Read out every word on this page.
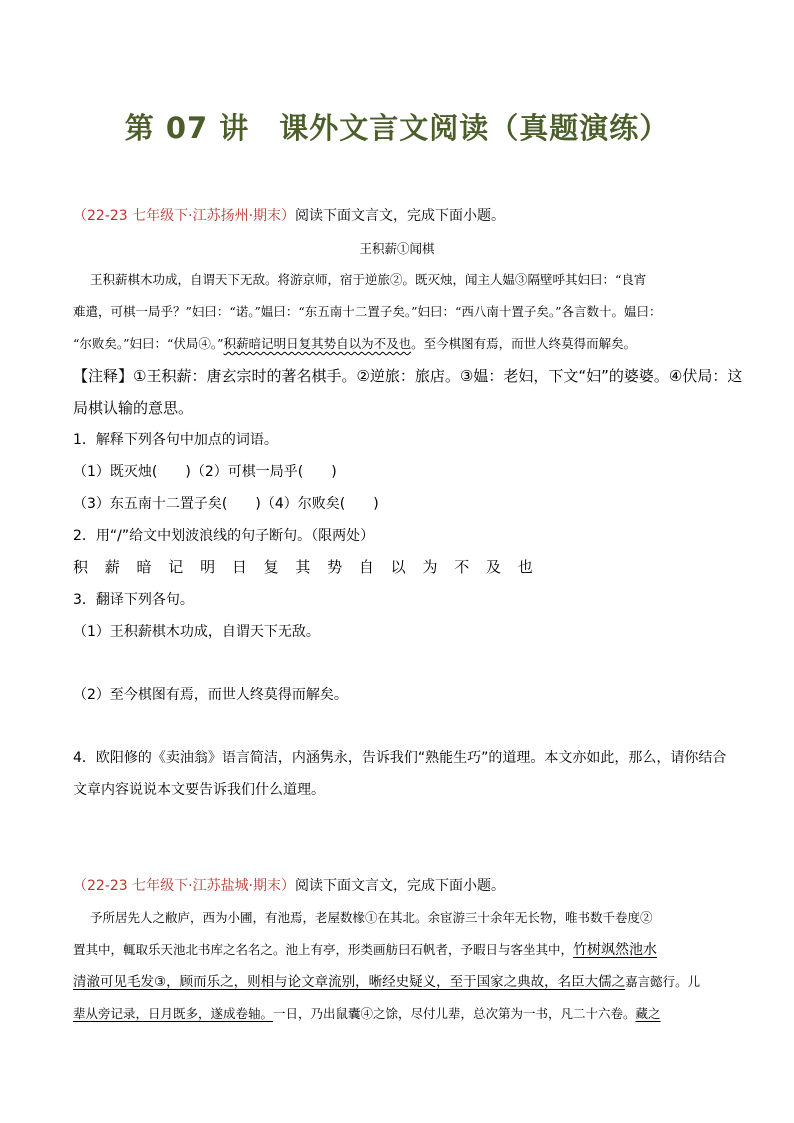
第 07 讲　课外文言文阅读（真题演练）
（22-23 七年级下·江苏扬州·期末）阅读下面文言文，完成下面小题。
王积薪①闻棋
王积薪棋木功成，自谓天下无敌。将游京师，宿于逆旅②。既灭烛，闻主人媪③隔壁呼其妇曰：“良宵
难遣，可棋一局乎？”妇曰：“诺。”媪曰：“东五南十二置子矣。”妇曰：“西八南十置子矣。”各言数十。媪曰：
“尔败矣。”妇曰：“伏局④。”积薪暗记明日复其势自以为不及也。至今棋图有焉，而世人终莫得而解矣。
【注释】①王积薪：唐玄宗时的著名棋手。②逆旅：旅店。③媪：老妇，下文“妇”的婆婆。④伏局：这
局棋认输的意思。
1．解释下列各句中加点的词语。
（1）既灭烛(　　)（2）可棋一局乎(　　)
（3）东五南十二置子矣(　　)（4）尔败矣(　　)
2．用“/”给文中划波浪线的句子断句。（限两处）
积 薪 暗 记 明 日 复 其 势 自 以 为 不 及 也
3．翻译下列各句。
（1）王积薪棋木功成，自谓天下无敌。
（2）至今棋图有焉，而世人终莫得而解矣。
4．欧阳修的《卖油翁》语言简洁，内涵隽永，告诉我们“熟能生巧”的道理。本文亦如此，那么，请你结合
文章内容说说本文要告诉我们什么道理。
（22-23 七年级下·江苏盐城·期末）阅读下面文言文，完成下面小题。
予所居先人之敝庐，西为小圃，有池焉，老屋数椽①在其北。余宦游三十余年无长物，唯书数千卷度②
置其中，輒取乐天池北书库之名名之。池上有亭，形类画舫曰石帆者，予暇日与客坐其中，竹树飒然池水
清澈可见毛发③，顾而乐之，则相与论文章流别，晰经史疑义，至于国家之典故，名臣大儒之嘉言懿行。儿
辈从旁记录，日月既多，遂成卷轴。一日，乃出鼠囊④之馀，尽付儿辈，总次第为一书，凡二十六卷。藏之
